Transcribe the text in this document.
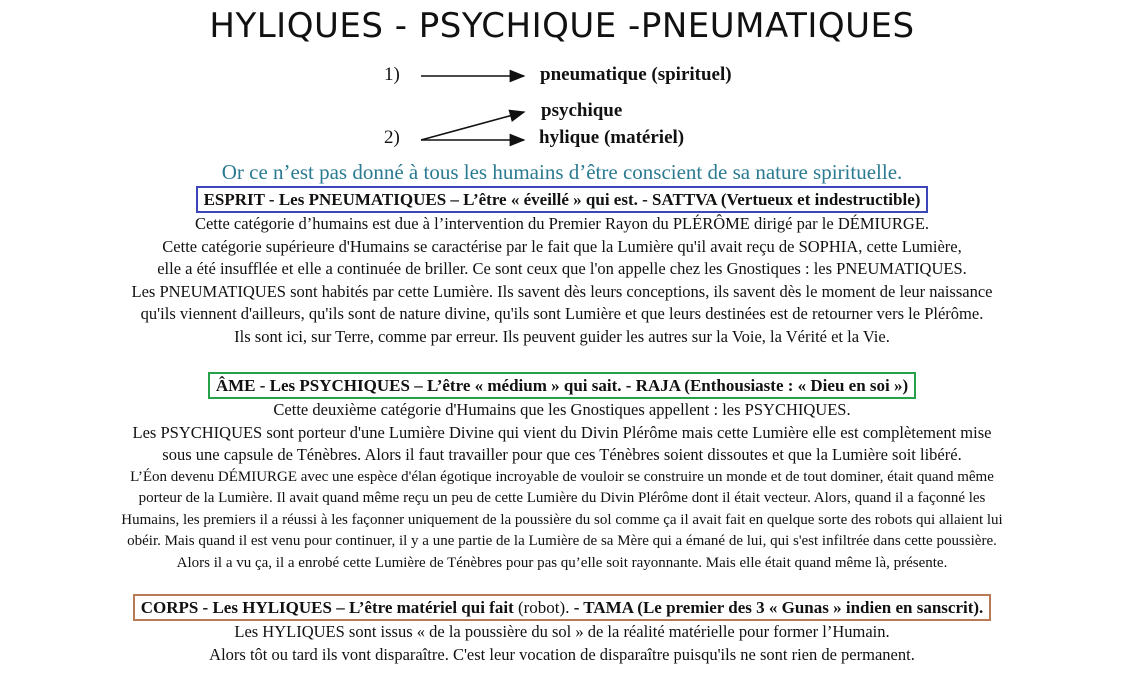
HYLIQUES - PSYCHIQUE -PNEUMATIQUES
1)	pneumatique (spirituel)
psychique
2)	hylique (matériel)
Or ce n’est pas donné à tous les humains d’être conscient de sa nature spirituelle.
ESPRIT - Les PNEUMATIQUES – L’être « éveillé » qui est. - SATTVA (Vertueux et indestructible)
Cette catégorie d’humains est due à l’intervention du Premier Rayon du PLÉRÔME dirigé par le DÉMIURGE.
Cette catégorie supérieure d'Humains se caractérise par le fait que la Lumière qu'il avait reçu de SOPHIA, cette Lumière,
elle a été insufflée et elle a continuée de briller. Ce sont ceux que l'on appelle chez les Gnostiques : les PNEUMATIQUES.
Les PNEUMATIQUES sont habités par cette Lumière. Ils savent dès leurs conceptions, ils savent dès le moment de leur naissance
qu'ils viennent d'ailleurs, qu'ils sont de nature divine, qu'ils sont Lumière et que leurs destinées est de retourner vers le Plérôme.
Ils sont ici, sur Terre, comme par erreur. Ils peuvent guider les autres sur la Voie, la Vérité et la Vie.
ÂME - Les PSYCHIQUES – L’être « médium » qui sait. - RAJA (Enthousiaste : « Dieu en soi »)
Cette deuxième catégorie d'Humains que les Gnostiques appellent : les PSYCHIQUES.
Les PSYCHIQUES sont porteur d'une Lumière Divine qui vient du Divin Plérôme mais cette Lumière elle est complètement mise
sous une capsule de Ténèbres. Alors il faut travailler pour que ces Ténèbres soient dissoutes et que la Lumière soit libéré.
L’Éon devenu DÉMIURGE avec une espèce d'élan égotique incroyable de vouloir se construire un monde et de tout dominer, était quand même
porteur de la Lumière. Il avait quand même reçu un peu de cette Lumière du Divin Plérôme dont il était vecteur. Alors, quand il a façonné les
Humains, les premiers il a réussi à les façonner uniquement de la poussière du sol comme ça il avait fait en quelque sorte des robots qui allaient lui
obéir. Mais quand il est venu pour continuer, il y a une partie de la Lumière de sa Mère qui a émané de lui, qui s'est infiltrée dans cette poussière.
Alors il a vu ça, il a enrobé cette Lumière de Ténèbres pour pas qu’elle soit rayonnante. Mais elle était quand même là, présente.
CORPS - Les HYLIQUES – L’être matériel qui fait (robot). - TAMA (Le premier des 3 « Gunas » indien en sanscrit).
Les HYLIQUES sont issus « de la poussière du sol » de la réalité matérielle pour former l’Humain.
Alors tôt ou tard ils vont disparaître. C'est leur vocation de disparaître puisqu'ils ne sont rien de permanent.
